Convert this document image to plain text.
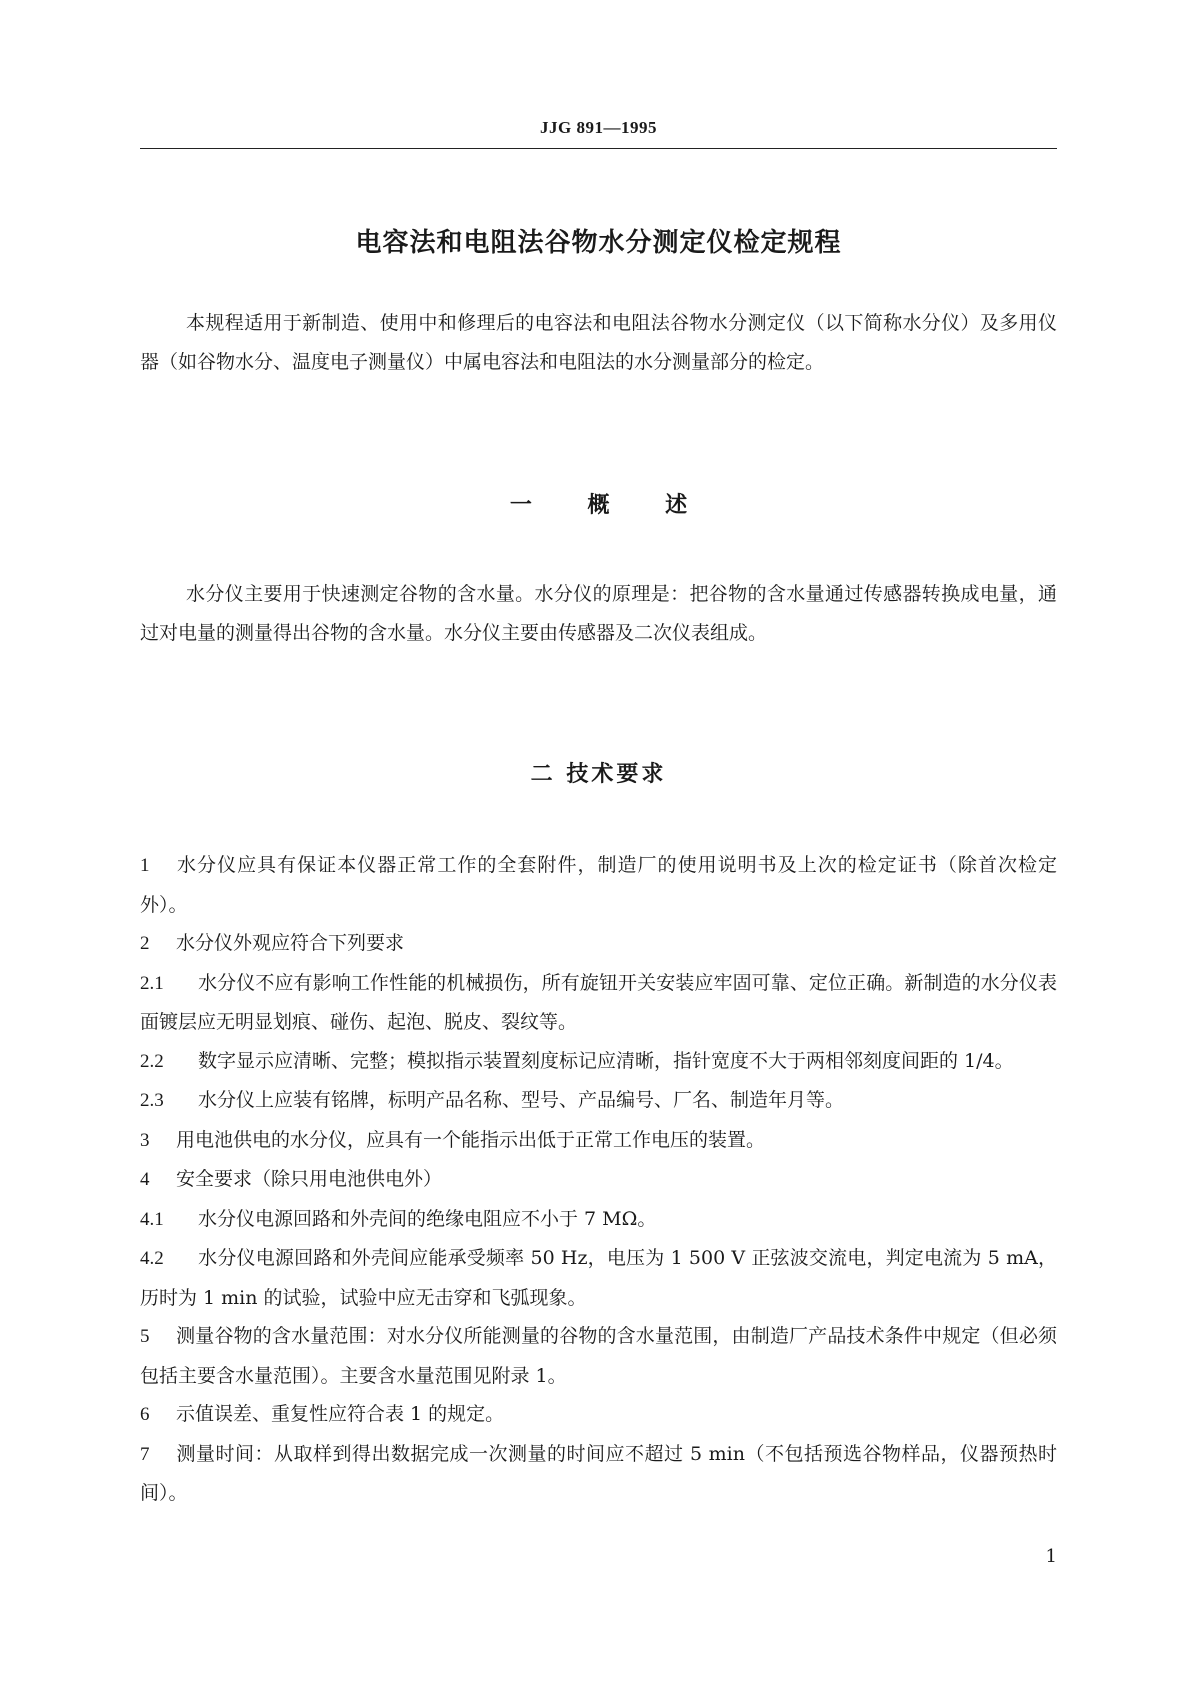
JJG 891—1995
电容法和电阻法谷物水分测定仪检定规程

本规程适用于新制造、使用中和修理后的电容法和电阻法谷物水分测定仪（以下简称水分仪）及多用仪器（如谷物水分、温度电子测量仪）中属电容法和电阻法的水分测量部分的检定。

一 概 述

水分仪主要用于快速测定谷物的含水量。水分仪的原理是：把谷物的含水量通过传感器转换成电量，通过对电量的测量得出谷物的含水量。水分仪主要由传感器及二次仪表组成。

二 技术要求
1 水分仪应具有保证本仪器正常工作的全套附件，制造厂的使用说明书及上次的检定证书（除首次检定外）。
2 水分仪外观应符合下列要求
2.1 水分仪不应有影响工作性能的机械损伤，所有旋钮开关安装应牢固可靠、定位正确。新制造的水分仪表面镀层应无明显划痕、碰伤、起泡、脱皮、裂纹等。
2.2 数字显示应清晰、完整；模拟指示装置刻度标记应清晰，指针宽度不大于两相邻刻度间距的 1/4。
2.3 水分仪上应装有铭牌，标明产品名称、型号、产品编号、厂名、制造年月等。
3 用电池供电的水分仪，应具有一个能指示出低于正常工作电压的装置。
4 安全要求（除只用电池供电外）
4.1 水分仪电源回路和外壳间的绝缘电阻应不小于 7 MΩ。
4.2 水分仪电源回路和外壳间应能承受频率 50 Hz，电压为 1 500 V 正弦波交流电，判定电流为 5 mA，历时为 1 min 的试验，试验中应无击穿和飞弧现象。
5 测量谷物的含水量范围：对水分仪所能测量的谷物的含水量范围，由制造厂产品技术条件中规定（但必须包括主要含水量范围）。主要含水量范围见附录 1。
6 示值误差、重复性应符合表 1 的规定。
7 测量时间：从取样到得出数据完成一次测量的时间应不超过 5 min（不包括预选谷物样品，仪器预热时间）。
1
